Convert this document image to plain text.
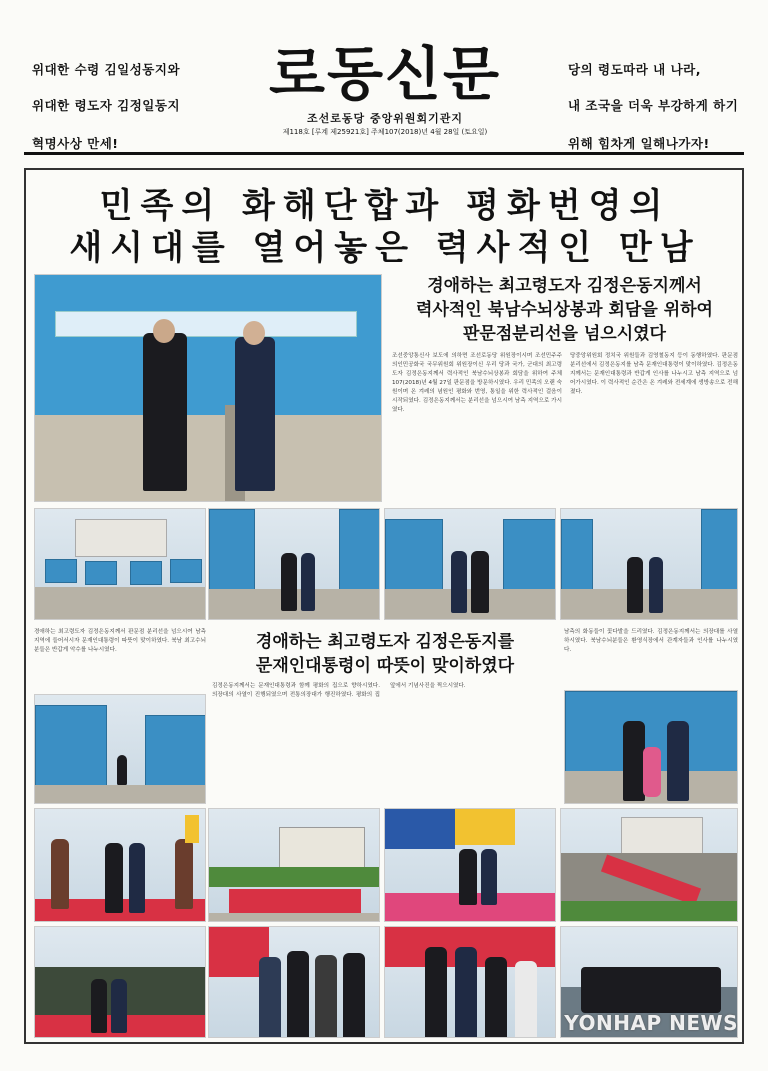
위대한 수령 김일성동지와
위대한 령도자 김정일동지
혁명사상 만세!
당의 령도따라 내 나라,
내 조국을 더욱 부강하게 하기
위해 힘차게 일해나가자!
로동신문
조선로동당 중앙위원회기관지
제118호 [루계 제25921호] 주체107(2018)년 4월 28일 (토요일)
민족의 화해단합과 평화번영의
새시대를 열어놓은 력사적인 만남
경애하는 최고령도자 김정은동지께서
력사적인 북남수뇌상봉과 회담을 위하여
판문점분리선을 넘으시였다
조선중앙통신사 보도에 의하면 조선로동당 위원장이시며 조선민주주의인민공화국 국무위원회 위원장이신 우리 당과 국가, 군대의 최고령도자 김정은동지께서 력사적인 북남수뇌상봉과 회담을 위하여 주체107(2018)년 4월 27일 판문점을 방문하시였다. 우리 민족의 오랜 숙원이며 온 겨레의 념원인 평화와 번영, 통일을 위한 력사적인 걸음이 시작되였다. 김정은동지께서는 분리선을 넘으시여 남측 지역으로 가시였다.
당중앙위원회 정치국 위원들과 김영철동지 등이 동행하였다. 판문점 분리선에서 김정은동지를 남측 문재인대통령이 맞이하였다. 김정은동지께서는 문재인대통령과 반갑게 인사를 나누시고 남측 지역으로 넘어가시였다. 이 력사적인 순간은 온 겨레와 전세계에 생방송으로 전해졌다.
경애하는 최고령도자 김정은동지께서 판문점 분리선을 넘으시여 남측 지역에 들어서시자 문재인대통령이 따뜻이 맞이하였다. 북남 최고수뇌분들은 반갑게 악수를 나누시였다.	경애하는 최고령도자 김정은동지를
문재인대통령이 따뜻이 맞이하였다
김정은동지께서는 문재인대통령과 함께 평화의 집으로 향하시였다. 의장대의 사열이 진행되였으며 전통의장대가 행진하였다. 평화의 집 앞에서 기념사진을 찍으시였다.
남측의 화동들이 꽃다발을 드리였다. 김정은동지께서는 의장대를 사열하시였다. 북남수뇌분들은 환영식장에서 관계자들과 인사를 나누시였다.
YONHAP NEWS
